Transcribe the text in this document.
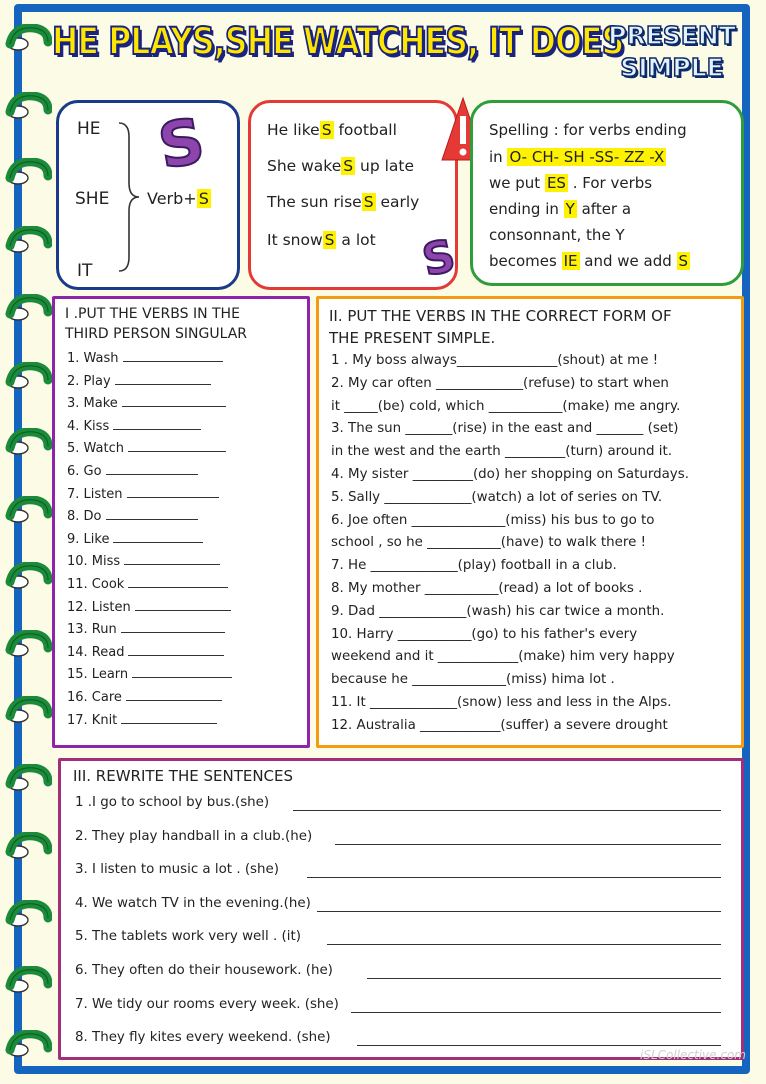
HE PLAYS,SHE WATCHES, IT DOES
PRESENT
SIMPLE
HE
SHE
IT
Verb+ S
S	He like S football
She wake S up late
The sun rise S early
It snow S a lot S
Spelling : for verbs ending
in O- CH- SH -SS- ZZ -X
we put ES . For verbs
ending in Y after a
consonnant, the Y
becomes IE and we add S
I .PUT THE VERBS IN THE
THIRD PERSON SINGULAR
1. Wash
2. Play
3. Make
4. Kiss
5. Watch
6. Go
7. Listen
8. Do
9. Like
10. Miss
11. Cook
12. Listen
13. Run
14. Read
15. Learn
16. Care
17. Knit
II. PUT THE VERBS IN THE CORRECT FORM OF
THE PRESENT SIMPLE.
1 . My boss always_______________(shout) at me !
2. My car often _____________(refuse) to start when
it _____(be) cold, which ___________(make) me angry.
3. The sun _______(rise) in the east and _______ (set)
in the west and the earth _________(turn) around it.
4. My sister _________(do) her shopping on Saturdays.
5. Sally _____________(watch) a lot of series on TV.
6. Joe often ______________(miss) his bus to go to
school , so he ___________(have) to walk there !
7. He _____________(play) football in a club.
8. My mother ___________(read) a lot of books .
9. Dad _____________(wash) his car twice a month.
10. Harry ___________(go) to his father's every
weekend and it ____________(make) him very happy
because he ______________(miss) hima lot .
11. It _____________(snow) less and less in the Alps.
12. Australia ____________(suffer) a severe drought
III. REWRITE THE SENTENCES
1 .I go to school by bus.(she)
2. They play handball in a club.(he)
3. I listen to music a lot . (she)
4. We watch TV in the evening.(he)
5. The tablets work very well . (it)
6. They often do their housework. (he)
7. We tidy our rooms every week. (she)
8. They fly kites every weekend. (she)
iSLCollective.com
